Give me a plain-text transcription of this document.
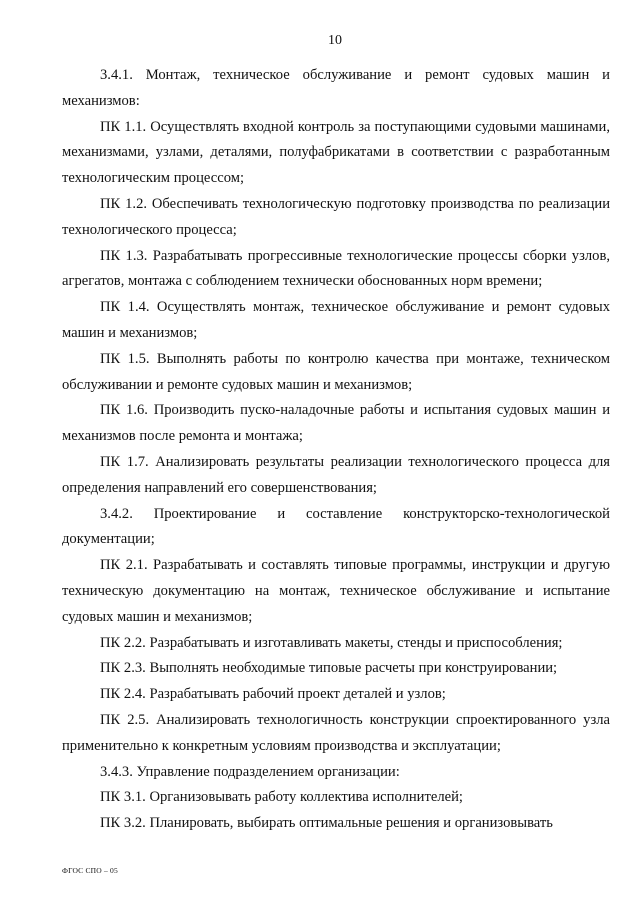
10

3.4.1. Монтаж, техническое обслуживание и ремонт судовых машин и механизмов:

ПК 1.1. Осуществлять входной контроль за поступающими судовыми машинами, механизмами, узлами, деталями, полуфабрикатами в соответствии с разработанным технологическим процессом;

ПК 1.2. Обеспечивать технологическую подготовку производства по реализации технологического процесса;

ПК 1.3. Разрабатывать прогрессивные технологические процессы сборки узлов, агрегатов, монтажа с соблюдением технически обоснованных норм времени;

ПК 1.4. Осуществлять монтаж, техническое обслуживание и ремонт судовых машин и механизмов;

ПК 1.5. Выполнять работы по контролю качества при монтаже, техническом обслуживании и ремонте судовых машин и механизмов;

ПК 1.6. Производить пуско-наладочные работы и испытания судовых машин и механизмов после ремонта и монтажа;

ПК 1.7. Анализировать результаты реализации технологического процесса для определения направлений его совершенствования;

3.4.2. Проектирование и составление конструкторско-технологической документации;

ПК 2.1. Разрабатывать и составлять типовые программы, инструкции и другую техническую документацию на монтаж, техническое обслуживание и испытание судовых машин и механизмов;

ПК 2.2. Разрабатывать и изготавливать макеты, стенды и приспособления;

ПК 2.3. Выполнять необходимые типовые расчеты при конструировании;

ПК 2.4. Разрабатывать рабочий проект деталей и узлов;

ПК 2.5. Анализировать технологичность конструкции спроектированного узла применительно к конкретным условиям производства и эксплуатации;

3.4.3. Управление подразделением организации:

ПК 3.1. Организовывать работу коллектива исполнителей;

ПК 3.2. Планировать, выбирать оптимальные решения и организовывать

ФГОС СПО – 05
